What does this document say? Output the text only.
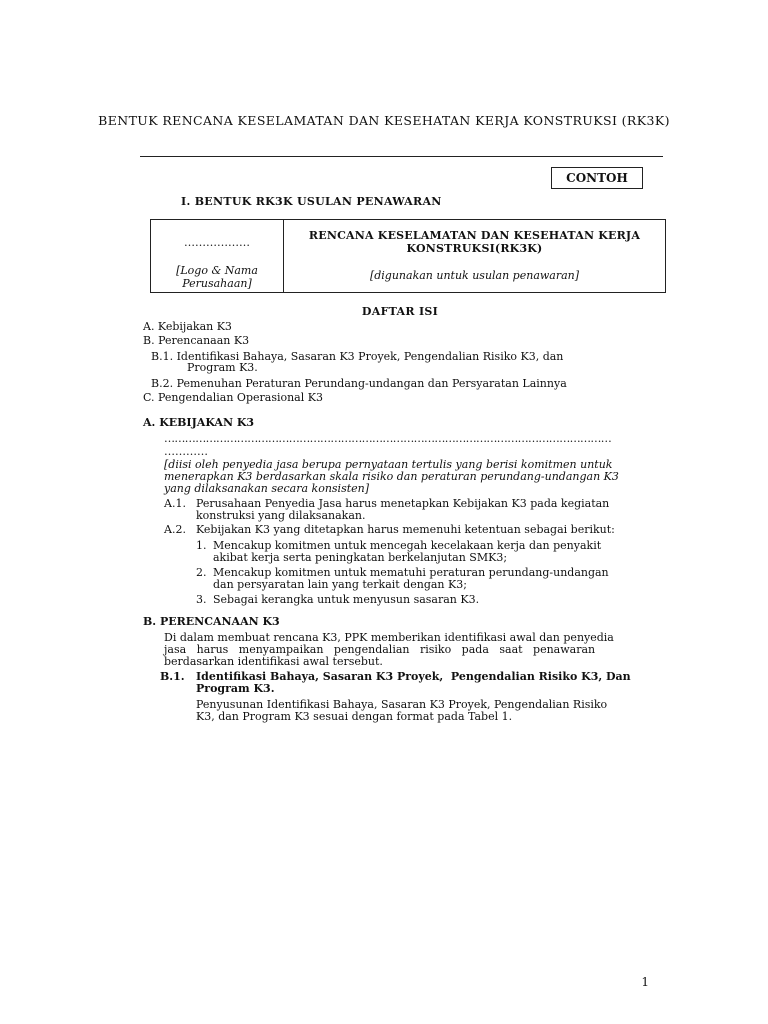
BENTUK RENCANA KESELAMATAN DAN KESEHATAN KERJA KONSTRUKSI (RK3K)
CONTOH
I. BENTUK RK3K USULAN PENAWARAN
………………
[Logo & Nama
Perusahaan]

RENCANA KESELAMATAN DAN KESEHATAN KERJA
KONSTRUKSI(RK3K)
[digunakan untuk usulan penawaran]
DAFTAR ISI
A. Kebijakan K3
B. Perencanaan K3
B.1. Identifikasi Bahaya, Sasaran K3 Proyek, Pengendalian Risiko K3, dan
Program K3.
B.2. Pemenuhan Peraturan Perundang-undangan dan Persyaratan Lainnya
C. Pengendalian Operasional K3
A. KEBIJAKAN K3
…………………………………………………………………………………………………………………
…………
[diisi oleh penyedia jasa berupa pernyataan tertulis yang berisi komitmen untuk
menerapkan K3 berdasarkan skala risiko dan peraturan perundang-undangan K3
yang dilaksanakan secara konsisten]
A.1. Perusahaan Penyedia Jasa harus menetapkan Kebijakan K3 pada kegiatan
konstruksi yang dilaksanakan.
A.2. Kebijakan K3 yang ditetapkan harus memenuhi ketentuan sebagai berikut:
1. Mencakup komitmen untuk mencegah kecelakaan kerja dan penyakit
akibat kerja serta peningkatan berkelanjutan SMK3;
2. Mencakup komitmen untuk mematuhi peraturan perundang-undangan
dan persyaratan lain yang terkait dengan K3;
3. Sebagai kerangka untuk menyusun sasaran K3.
B. PERENCANAAN K3
Di dalam membuat rencana K3, PPK memberikan identifikasi awal dan penyedia
jasa   harus   menyampaikan   pengendalian   risiko   pada   saat   penawaran
berdasarkan identifikasi awal tersebut.
B.1. Identifikasi Bahaya, Sasaran K3 Proyek,  Pengendalian Risiko K3, Dan
Program K3.
Penyusunan Identifikasi Bahaya, Sasaran K3 Proyek, Pengendalian Risiko
K3, dan Program K3 sesuai dengan format pada Tabel 1.
1
